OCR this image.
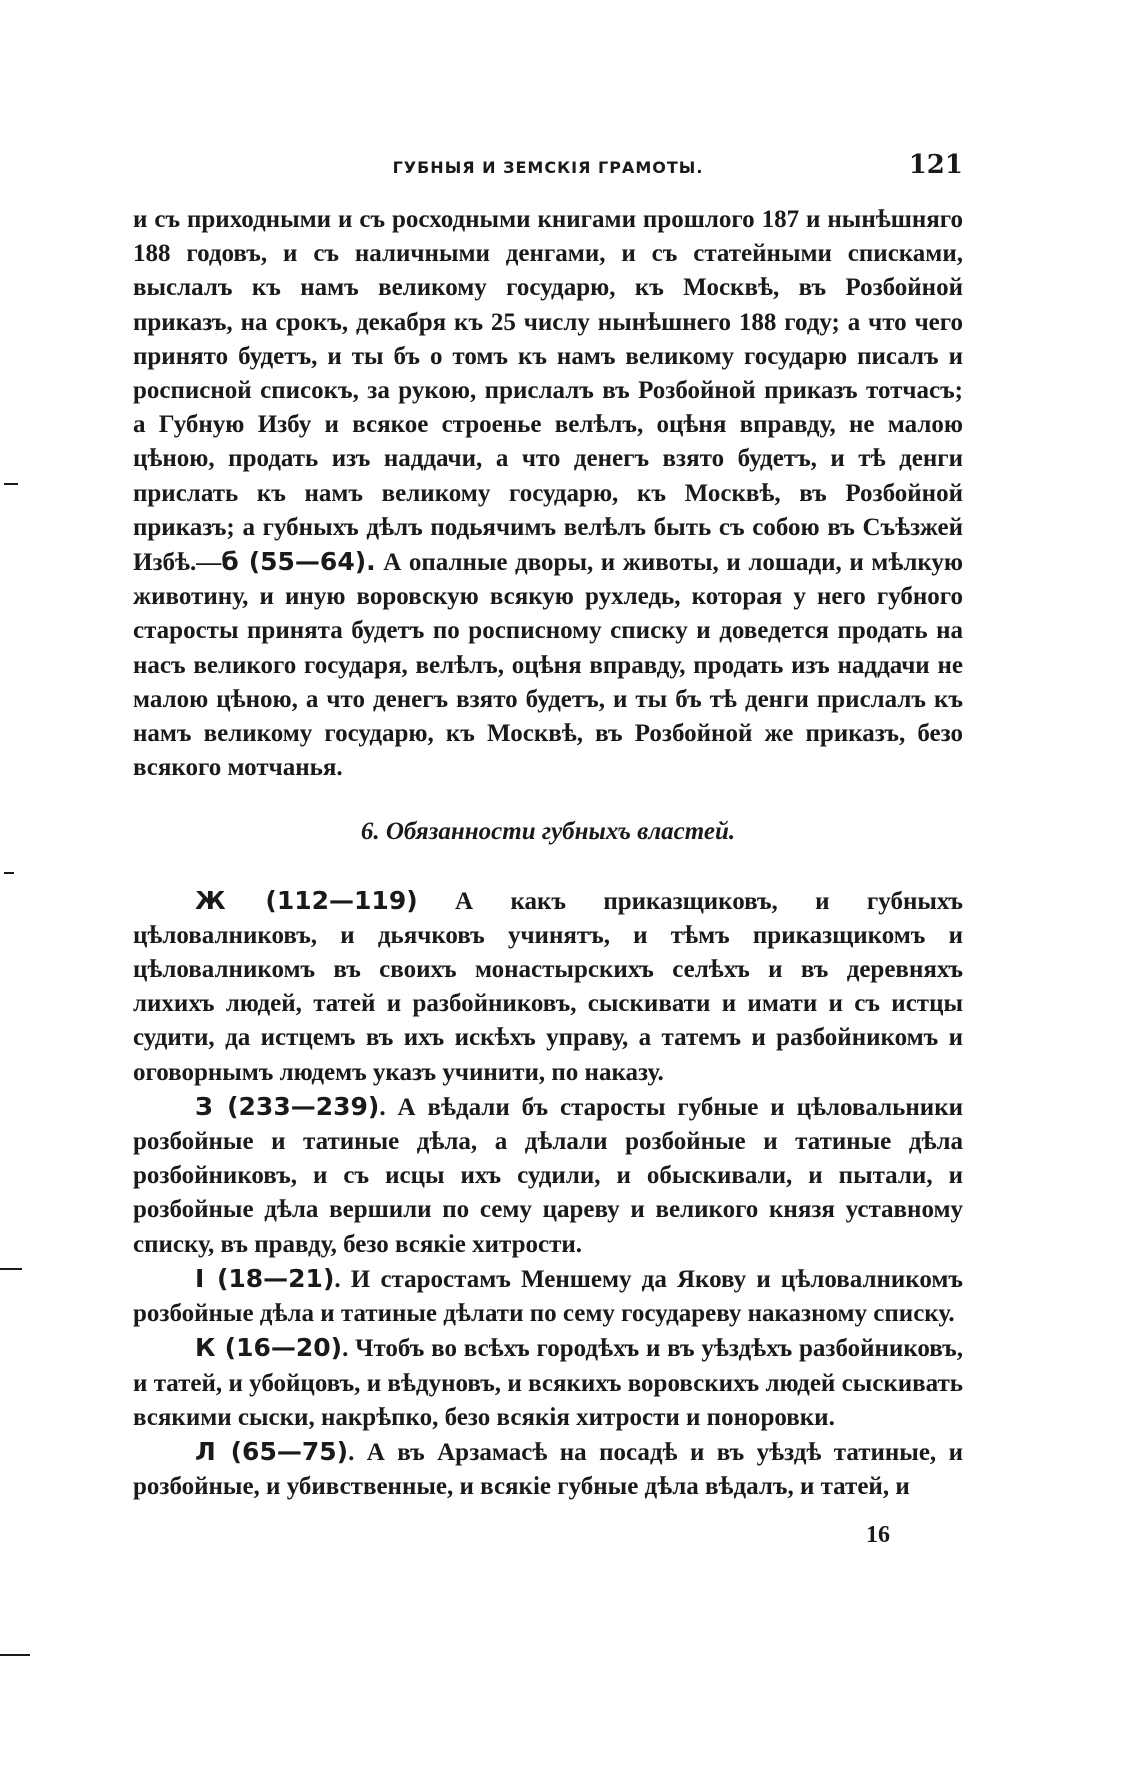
ГУБНЫЯ И ЗЕМСКІЯ ГРАМОТЫ.	121

и съ приходными и съ росходными книгами прошлого 187 и нынѣшняго 188 годовъ, и съ наличными денгами, и съ статейными списками, выслалъ къ намъ великому государю, къ Москвѣ, въ Розбойной приказъ, на срокъ, декабря къ 25 числу нынѣшнего 188 году; а что чего принято будетъ, и ты бъ о томъ къ намъ великому государю писалъ и росписной списокъ, за рукою, прислалъ въ Розбойной приказъ тотчасъ; а Губную Избу и всякое строенье велѣлъ, оцѣня вправду, не малою цѣною, продать изъ наддачи, а что денегъ взято будетъ, и тѣ денги прислать къ намъ великому государю, къ Москвѣ, въ Розбойной приказъ; а губныхъ дѣлъ подьячимъ велѣлъ быть съ собою въ Съѣзжей Избѣ.—б (55—64). А опалные дворы, и животы, и лошади, и мѣлкую животину, и иную воровскую всякую рухледь, которая у него губного старосты принята будетъ по росписному списку и доведется продать на насъ великого государя, велѣлъ, оцѣня вправду, продать изъ наддачи не малою цѣною, а что денегъ взято будетъ, и ты бъ тѣ денги прислалъ къ намъ великому государю, къ Москвѣ, въ Розбойной же приказъ, безо всякого мотчанья.

6. Обязанности губныхъ властей.

Ж (112—119) А какъ приказщиковъ, и губныхъ цѣловалниковъ, и дьячковъ учинятъ, и тѣмъ приказщикомъ и цѣловалникомъ въ своихъ монастырскихъ селѣхъ и въ деревняхъ лихихъ людей, татей и разбойниковъ, сыскивати и имати и съ истцы судити, да истцемъ въ ихъ искѣхъ управу, а татемъ и разбойникомъ и оговорнымъ людемъ указъ учинити, по наказу.

З (233—239). А вѣдали бъ старосты губные и цѣловальники розбойные и татиные дѣла, а дѣлали розбойные и татиные дѣла розбойниковъ, и съ исцы ихъ судили, и обыскивали, и пытали, и розбойные дѣла вершили по сему цареву и великого князя уставному списку, въ правду, безо всякіе хитрости.

І (18—21). И старостамъ Меншему да Якову и цѣловалникомъ розбойные дѣла и татиные дѣлати по сему государеву наказному списку.

К (16—20). Чтобъ во всѣхъ городѣхъ и въ уѣздѣхъ разбойниковъ, и татей, и убойцовъ, и вѣдуновъ, и всякихъ воровскихъ людей сыскивать всякими сыски, накрѣпко, безо всякія хитрости и поноровки.

Л (65—75). А въ Арзамасѣ на посадѣ и въ уѣздѣ татиные, и розбойные, и убивственные, и всякіе губные дѣла вѣдалъ, и татей, и

16
